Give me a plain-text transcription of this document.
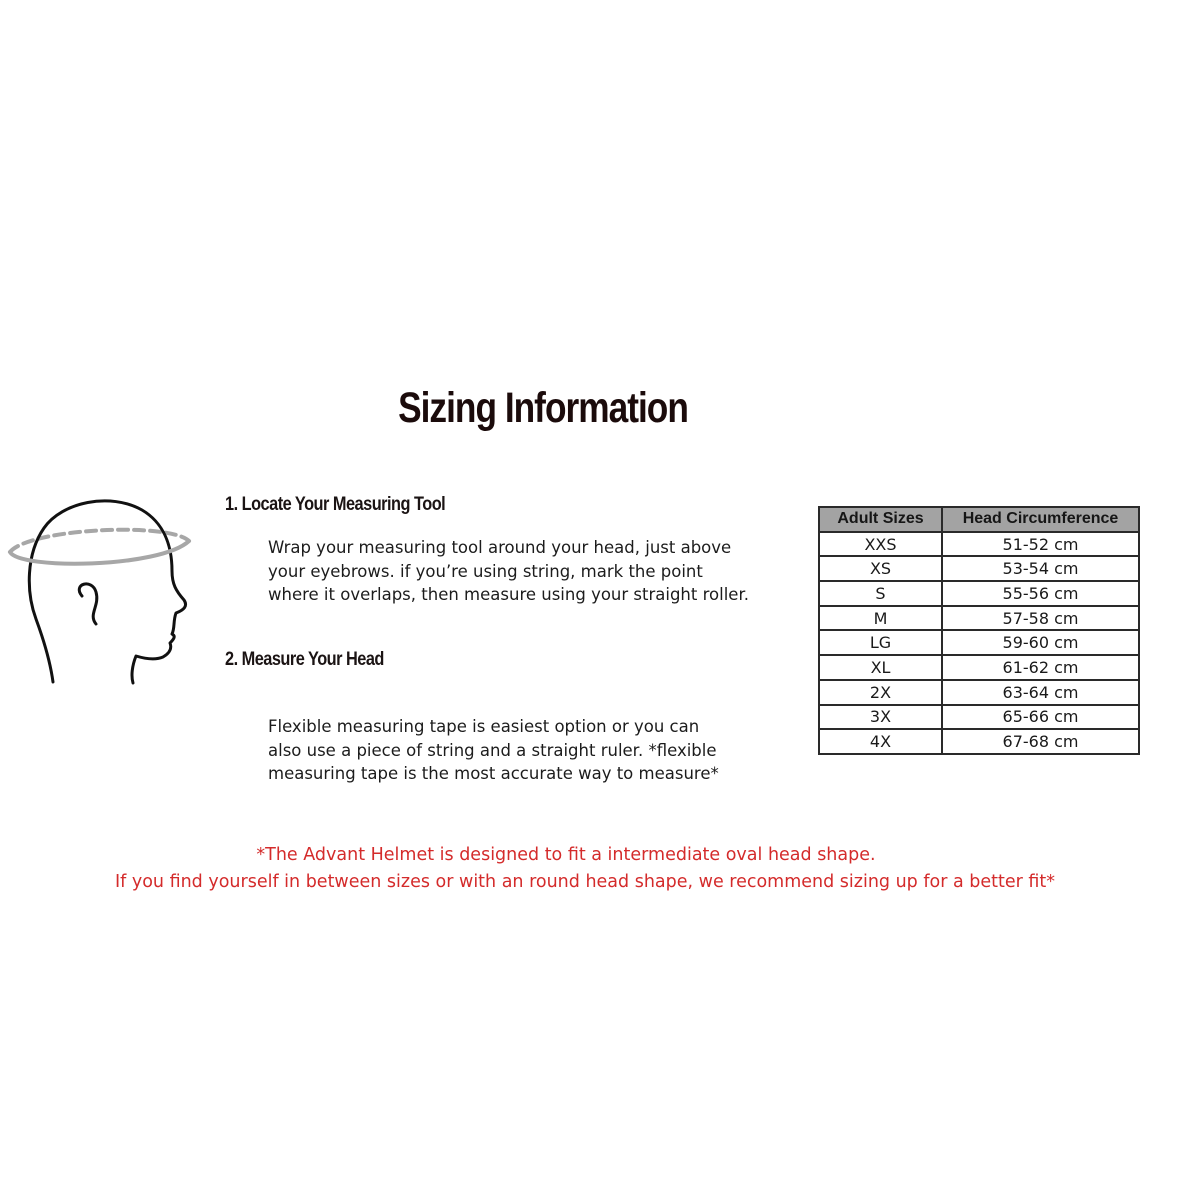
Sizing Information
1. Locate Your Measuring Tool
Wrap your measuring tool around your head, just above
your eyebrows. if you’re using string, mark the point
where it overlaps, then measure using your straight roller.
2. Measure Your Head
Flexible measuring tape is easiest option or you can
also use a piece of string and a straight ruler. *flexible
measuring tape is the most accurate way to measure*
Adult Sizes	Head Circumference
XXS	51-52 cm
XS	53-54 cm
S	55-56 cm
M	57-58 cm
LG	59-60 cm
XL	61-62 cm
2X	63-64 cm
3X	65-66 cm
4X	67-68 cm
*The Advant Helmet is designed to fit a intermediate oval head shape.
If you find yourself in between sizes or with an round head shape, we recommend sizing up for a better fit*
